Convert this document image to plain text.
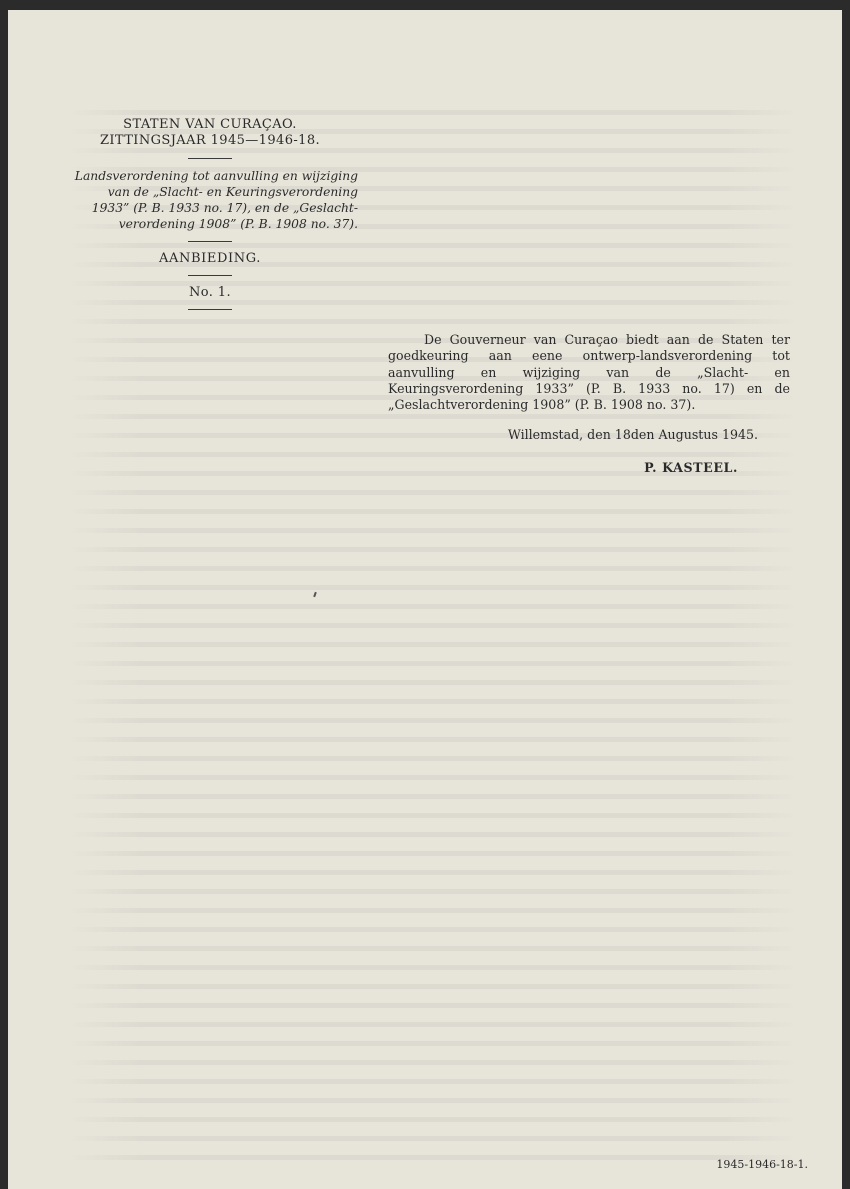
STATEN VAN CURAÇAO.
ZITTINGSJAAR 1945—1946-18.
Landsverordening tot aanvulling en wijziging
van de „Slacht- en Keuringsverordening
1933” (P. B. 1933 no. 17), en de „Geslacht-
verordening 1908” (P. B. 1908 no. 37).
AANBIEDING.
No. 1.
De Gouverneur van Curaçao biedt aan de Staten ter goedkeuring aan eene ontwerp-landsverordening tot aanvulling en wijziging van de „Slacht- en Keuringsverordening 1933” (P. B. 1933 no. 17) en de „Geslachtverordening 1908” (P. B. 1908 no. 37).
Willemstad, den 18den Augustus 1945.
P. KASTEEL.
1945-1946-18-1.
